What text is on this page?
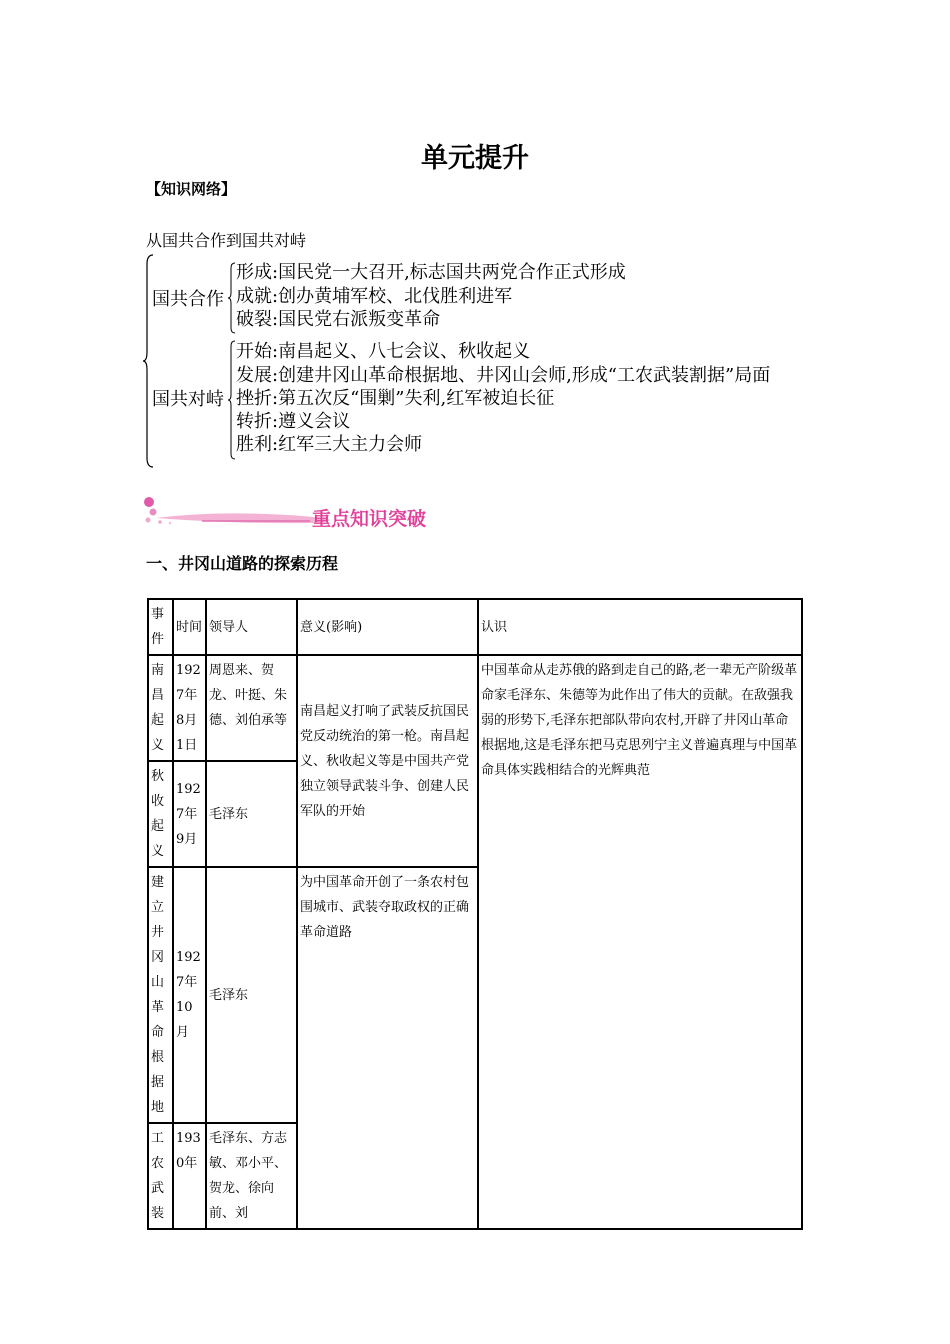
单元提升
【知识网络】
从国共合作到国共对峙
国共合作
形成:国民党一大召开,标志国共两党合作正式形成
成就:创办黄埔军校、北伐胜利进军
破裂:国民党右派叛变革命
国共对峙
开始:南昌起义、八七会议、秋收起义
发展:创建井冈山革命根据地、井冈山会师,形成“工农武装割据”局面
挫折:第五次反“围剿”失利,红军被迫长征
转折:遵义会议
胜利:红军三大主力会师
重点知识突破
一、井冈山道路的探索历程
事件	时间	领导人	意义(影响)	认识
南昌起义	1927年8月1日	周恩来、贺龙、叶挺、朱德、刘伯承等	南昌起义打响了武装反抗国民党反动统治的第一枪。南昌起义、秋收起义等是中国共产党独立领导武装斗争、创建人民军队的开始	中国革命从走苏俄的路到走自己的路,老一辈无产阶级革命家毛泽东、朱德等为此作出了伟大的贡献。在敌强我弱的形势下,毛泽东把部队带向农村,开辟了井冈山革命根据地,这是毛泽东把马克思列宁主义普遍真理与中国革命具体实践相结合的光辉典范
秋收起义	1927年9月	毛泽东		
建立井冈山革命根据地	1927年10月	毛泽东	为中国革命开创了一条农村包围城市、武装夺取政权的正确革命道路	
工农武装	1930年	毛泽东、方志敏、邓小平、贺龙、徐向前、刘		
